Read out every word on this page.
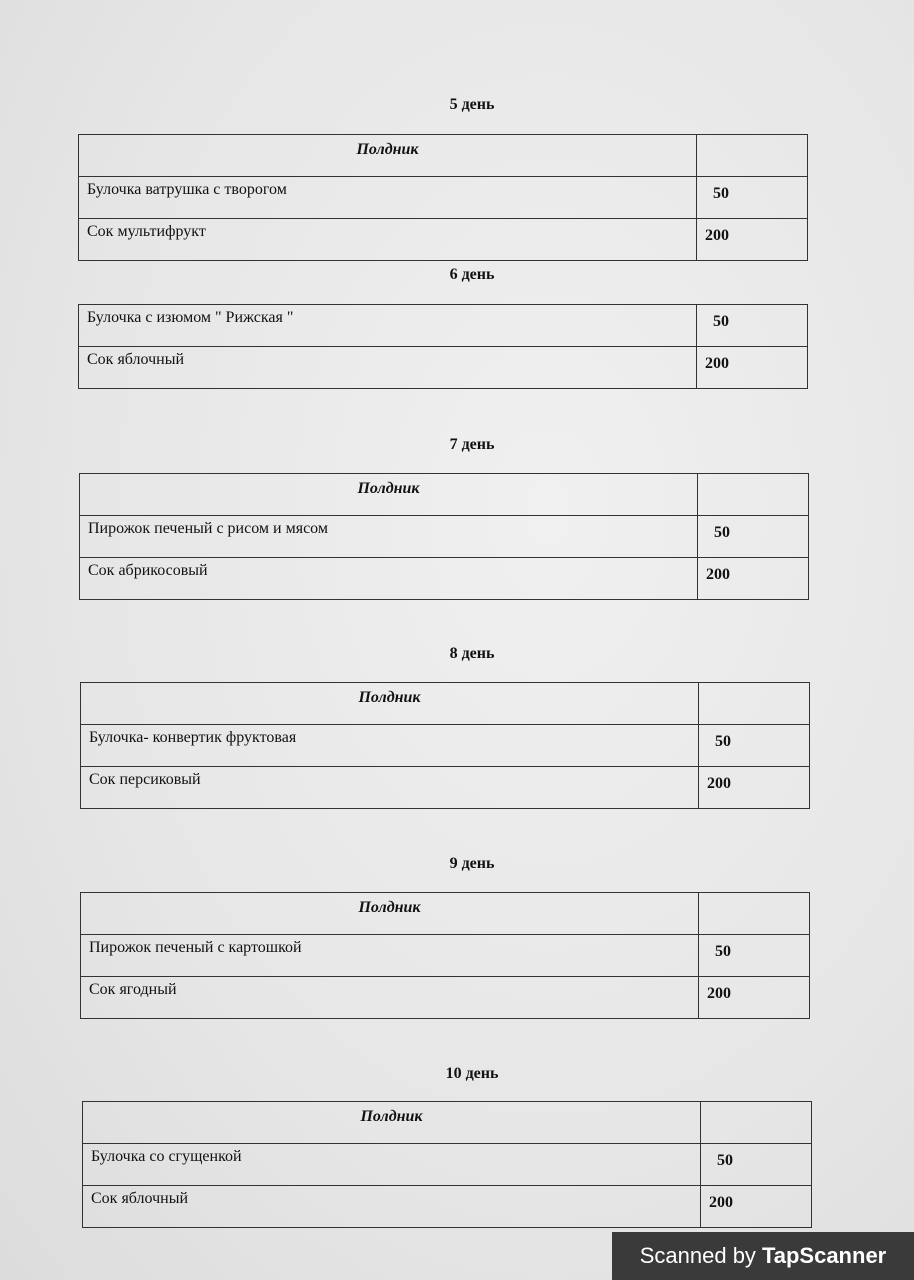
5 день
Полдник	
Булочка ватрушка с творогом	50
Сок мультифрукт	200
6 день
Булочка с изюмом " Рижская "	50
Сок яблочный	200
7 день
Полдник	
Пирожок печеный с рисом и мясом	50
Сок абрикосовый	200
8 день
Полдник	
Булочка- конвертик фруктовая	50
Сок персиковый	200
9 день
Полдник	
Пирожок печеный с картошкой	50
Сок ягодный	200
10 день
Полдник	
Булочка со сгущенкой	50
Сок яблочный	200
Scanned by TapScanner
